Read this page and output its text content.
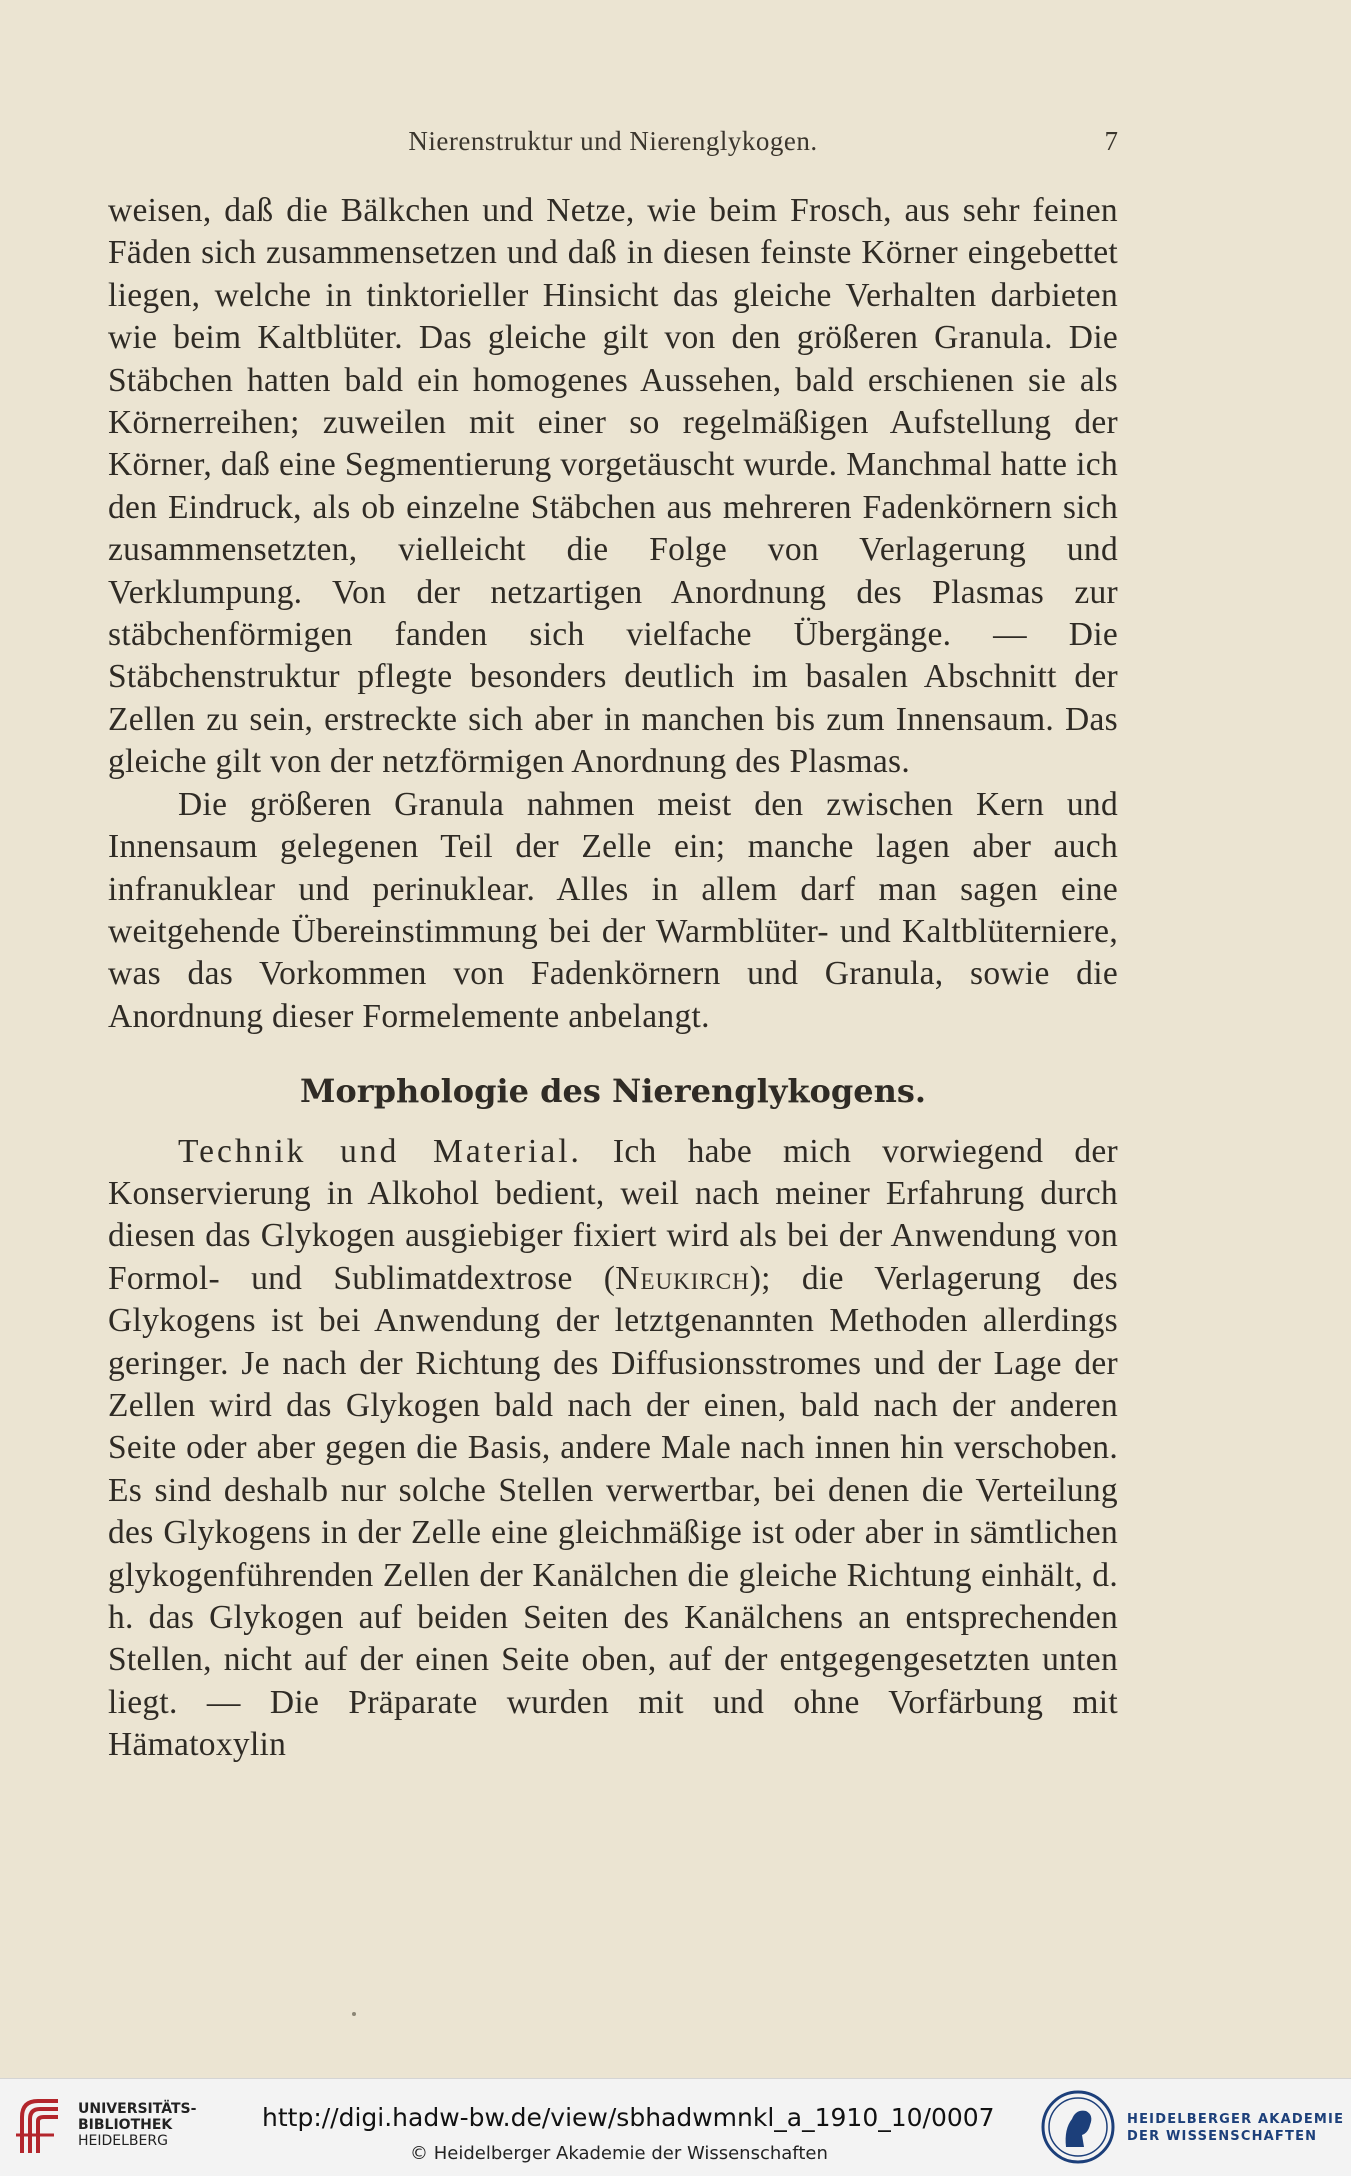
Nierenstruktur und Nierenglykogen.	7

weisen, daß die Bälkchen und Netze, wie beim Frosch, aus sehr feinen Fäden sich zusammensetzen und daß in diesen feinste Körner eingebettet liegen, welche in tinktorieller Hinsicht das gleiche Verhalten darbieten wie beim Kaltblüter. Das gleiche gilt von den größeren Granula. Die Stäbchen hatten bald ein homogenes Aussehen, bald erschienen sie als Körnerreihen; zuweilen mit einer so regelmäßigen Aufstellung der Körner, daß eine Segmentierung vorgetäuscht wurde. Manchmal hatte ich den Eindruck, als ob einzelne Stäbchen aus mehreren Fadenkörnern sich zusammensetzten, vielleicht die Folge von Verlagerung und Verklumpung. Von der netzartigen Anordnung des Plasmas zur stäbchenförmigen fanden sich vielfache Übergänge. — Die Stäbchenstruktur pflegte besonders deutlich im basalen Abschnitt der Zellen zu sein, erstreckte sich aber in manchen bis zum Innensaum. Das gleiche gilt von der netzförmigen Anordnung des Plasmas.

Die größeren Granula nahmen meist den zwischen Kern und Innensaum gelegenen Teil der Zelle ein; manche lagen aber auch infranuklear und perinuklear. Alles in allem darf man sagen eine weitgehende Übereinstimmung bei der Warmblüter- und Kaltblüterniere, was das Vorkommen von Fadenkörnern und Granula, sowie die Anordnung dieser Formelemente anbelangt.

Morphologie des Nierenglykogens.

Technik und Material. Ich habe mich vorwiegend der Konservierung in Alkohol bedient, weil nach meiner Erfahrung durch diesen das Glykogen ausgiebiger fixiert wird als bei der Anwendung von Formol- und Sublimatdextrose (Neukirch); die Verlagerung des Glykogens ist bei Anwendung der letztgenannten Methoden allerdings geringer. Je nach der Richtung des Diffusionsstromes und der Lage der Zellen wird das Glykogen bald nach der einen, bald nach der anderen Seite oder aber gegen die Basis, andere Male nach innen hin verschoben. Es sind deshalb nur solche Stellen verwertbar, bei denen die Verteilung des Glykogens in der Zelle eine gleichmäßige ist oder aber in sämtlichen glykogenführenden Zellen der Kanälchen die gleiche Richtung einhält, d. h. das Glykogen auf beiden Seiten des Kanälchens an entsprechenden Stellen, nicht auf der einen Seite oben, auf der entgegengesetzten unten liegt. — Die Präparate wurden mit und ohne Vorfärbung mit Hämatoxylin

UNIVERSITÄTS-
BIBLIOTHEK
HEIDELBERG
http://digi.hadw-bw.de/view/sbhadwmnkl_a_1910_10/0007
© Heidelberger Akademie der Wissenschaften
HEIDELBERGER AKADEMIE
DER WISSENSCHAFTEN
